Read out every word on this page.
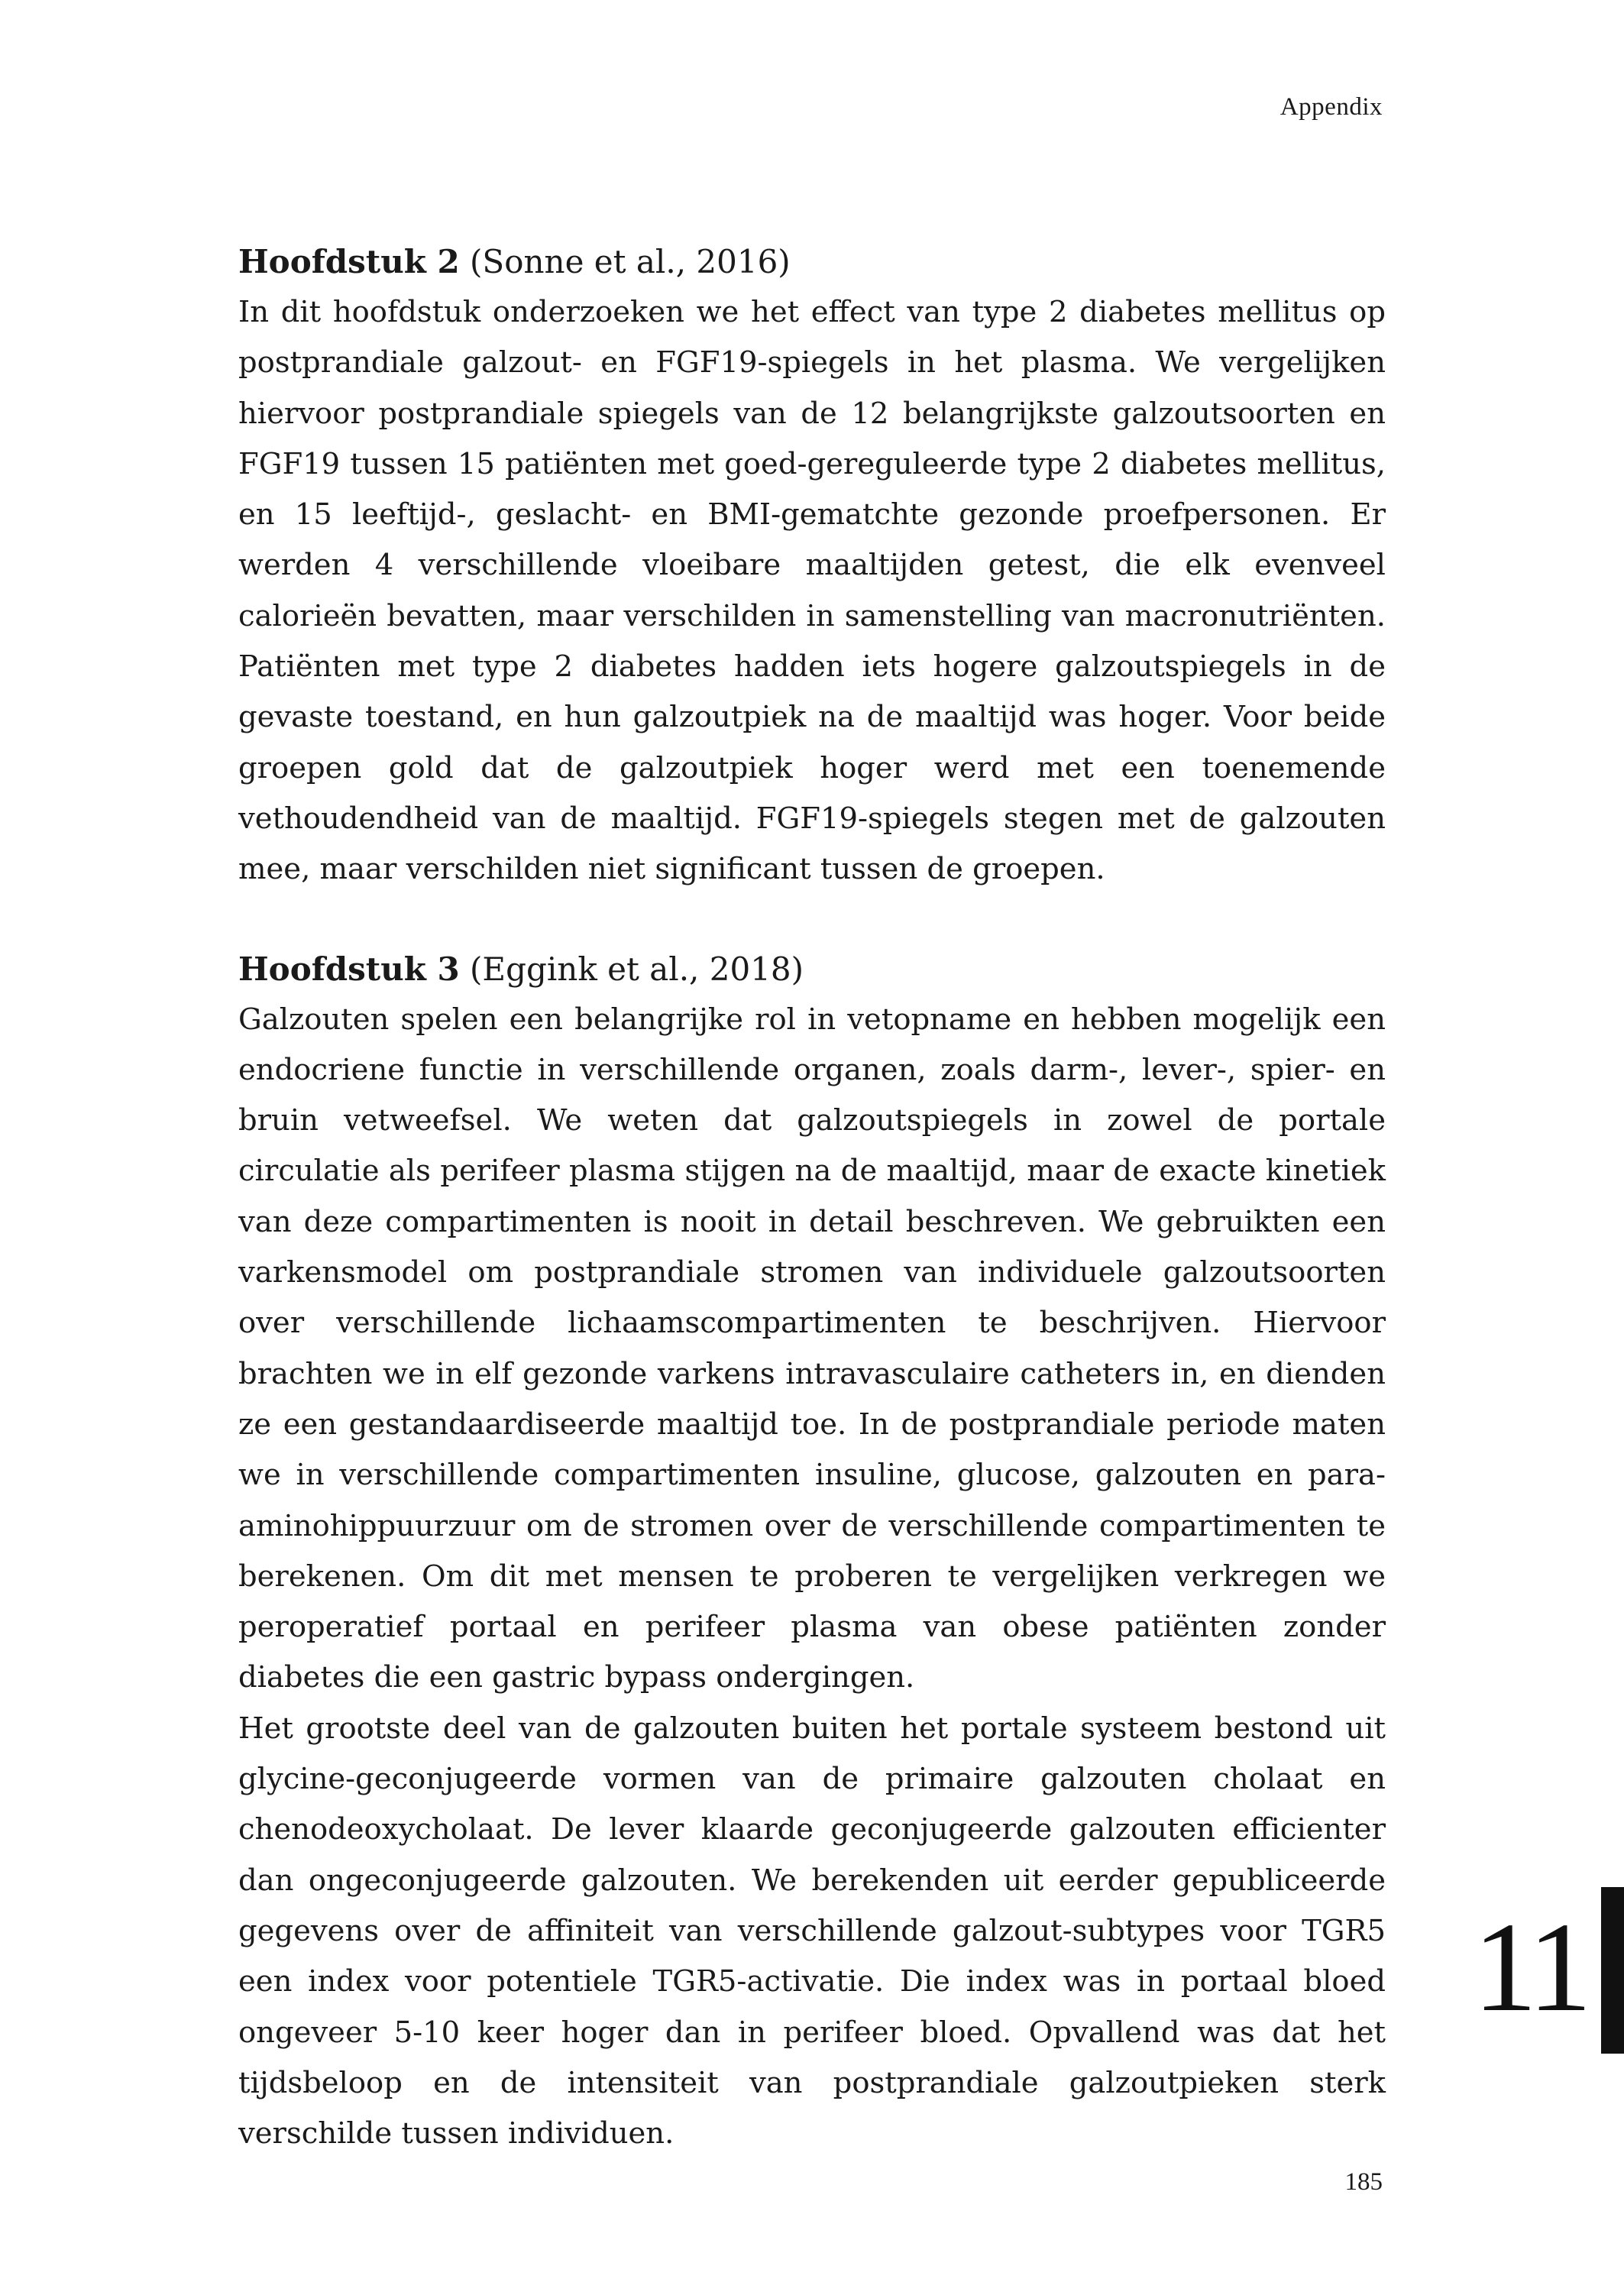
Appendix
Hoofdstuk 2 (Sonne et al., 2016)

In dit hoofdstuk onderzoeken we het effect van type 2 diabetes mellitus op postprandiale galzout- en FGF19-spiegels in het plasma. We vergelijken hiervoor postprandiale spiegels van de 12 belangrijkste galzoutsoorten en FGF19 tussen 15 patiënten met goed-gereguleerde type 2 diabetes mellitus, en 15 leeftijd-, geslacht- en BMI-gematchte gezonde proefpersonen. Er werden 4 verschillende vloeibare maaltijden getest, die elk evenveel calorieën bevatten, maar verschilden in samenstelling van macronutriënten. Patiënten met type 2 diabetes hadden iets hogere galzoutspiegels in de gevaste toestand, en hun galzoutpiek na de maaltijd was hoger. Voor beide groepen gold dat de galzoutpiek hoger werd met een toenemende vethoudendheid van de maaltijd. FGF19-spiegels stegen met de galzouten mee, maar verschilden niet significant tussen de groepen.

Hoofdstuk 3 (Eggink et al., 2018)

Galzouten spelen een belangrijke rol in vetopname en hebben mogelijk een endocriene functie in verschillende organen, zoals darm-, lever-, spier- en bruin vetweefsel. We weten dat galzoutspiegels in zowel de portale circulatie als perifeer plasma stijgen na de maaltijd, maar de exacte kinetiek van deze compartimenten is nooit in detail beschreven. We gebruikten een varkensmodel om postprandiale stromen van individuele galzoutsoorten over verschillende lichaamscompartimenten te beschrijven. Hiervoor brachten we in elf gezonde varkens intravasculaire catheters in, en dienden ze een gestandaardiseerde maaltijd toe. In de postprandiale periode maten we in verschillende compartimenten insuline, glucose, galzouten en para-aminohippuurzuur om de stromen over de verschillende compartimenten te berekenen. Om dit met mensen te proberen te vergelijken verkregen we peroperatief portaal en perifeer plasma van obese patiënten zonder diabetes die een gastric bypass ondergingen.

Het grootste deel van de galzouten buiten het portale systeem bestond uit glycine-geconjugeerde vormen van de primaire galzouten cholaat en chenodeoxycholaat. De lever klaarde geconjugeerde galzouten efficienter dan ongeconjugeerde galzouten. We berekenden uit eerder gepubliceerde gegevens over de affiniteit van verschillende galzout-subtypes voor TGR5 een index voor potentiele TGR5-activatie. Die index was in portaal bloed ongeveer 5-10 keer hoger dan in perifeer bloed. Opvallend was dat het tijdsbeloop en de intensiteit van postprandiale galzoutpieken sterk verschilde tussen individuen.

11
185
